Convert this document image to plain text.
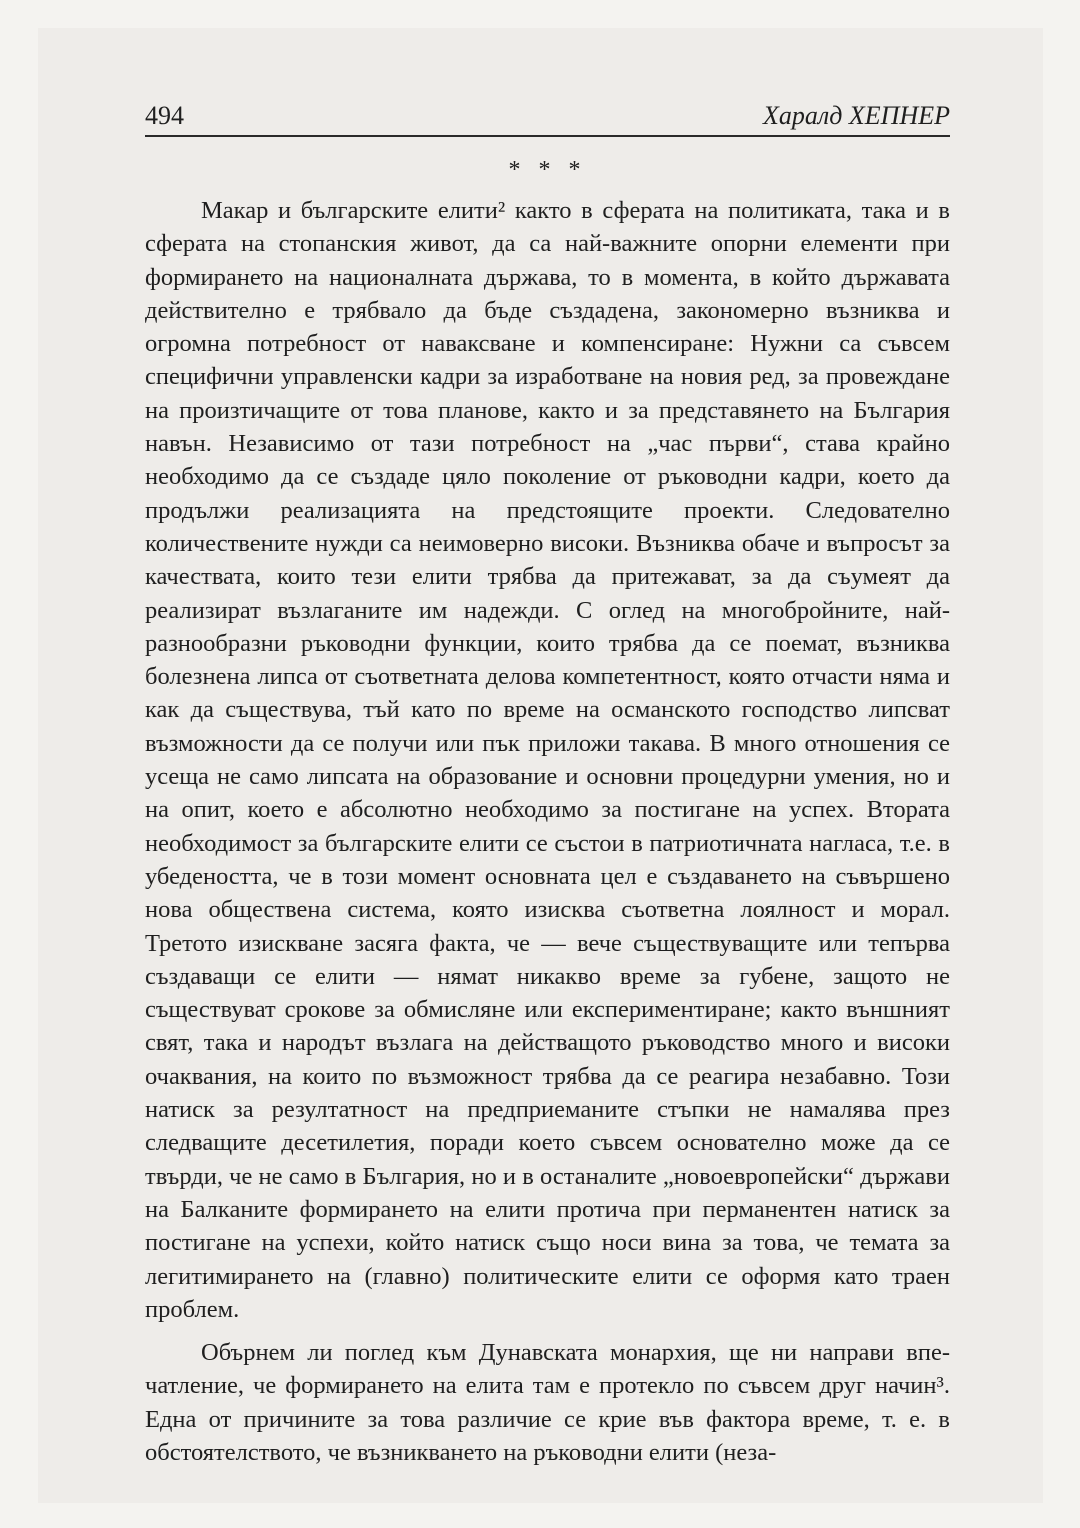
494	Харалд ХЕПНЕР
* * *

Макар и българските елити² както в сферата на политиката, така и в сферата на стопанския живот, да са най-важните опорни елементи при формирането на националната държава, то в момента, в който държавата действително е трябвало да бъде създадена, закономерно възниква и огромна потребност от наваксване и компенсиране: Нужни са съвсем специфични управленски кадри за изработване на новия ред, за провеждане на произтичащите от това планове, както и за представянето на България навън. Независимо от тази потребност на „час първи“, става крайно необходимо да се създаде цяло поколение от ръководни кадри, което да продължи реализацията на предстоящите проекти. Следователно количествените нужди са неимоверно високи. Възниква обаче и въпросът за качествата, които тези елити трябва да притежават, за да съумеят да реализират възлаганите им надежди. С оглед на многобройните, най-разнообразни ръководни функции, които трябва да се поемат, възниква болезнена липса от съответната делова компетентност, която отчасти няма и как да съществува, тъй като по време на османското господство липсват възможности да се получи или пък приложи такава. В много отношения се усеща не само липсата на образование и основни процедурни умения, но и на опит, което е абсолютно необходимо за постигане на успех. Втората необходимост за българските елити се състои в патриотичната нагласа, т.е. в убедеността, че в този момент основната цел е създаването на съвършено нова обществена система, която изисква съответна лоялност и морал. Третото изискване засяга факта, че — вече съществуващите или тепърва създаващи се елити — нямат никакво време за губене, защото не съществуват срокове за обмисляне или експериментиране; както външният свят, така и народът възлага на действащото ръководство много и високи очаквания, на които по възможност трябва да се реагира незабавно. Този натиск за резултатност на предприеманите стъпки не намалява през следващите десетилетия, поради което съвсем основателно може да се твърди, че не само в България, но и в останалите „новоевропейски“ държави на Балканите формирането на елити протича при перманентен натиск за постигане на успехи, който натиск също носи вина за това, че темата за легитимирането на (главно) политическите елити се оформя като траен проблем.

Обърнем ли поглед към Дунавската монархия, ще ни направи впечатление, че формирането на елита там е протекло по съвсем друг начин³. Една от причините за това различие се крие във фактора време, т. е. в обстоятелството, че възникването на ръководни елити (неза-
